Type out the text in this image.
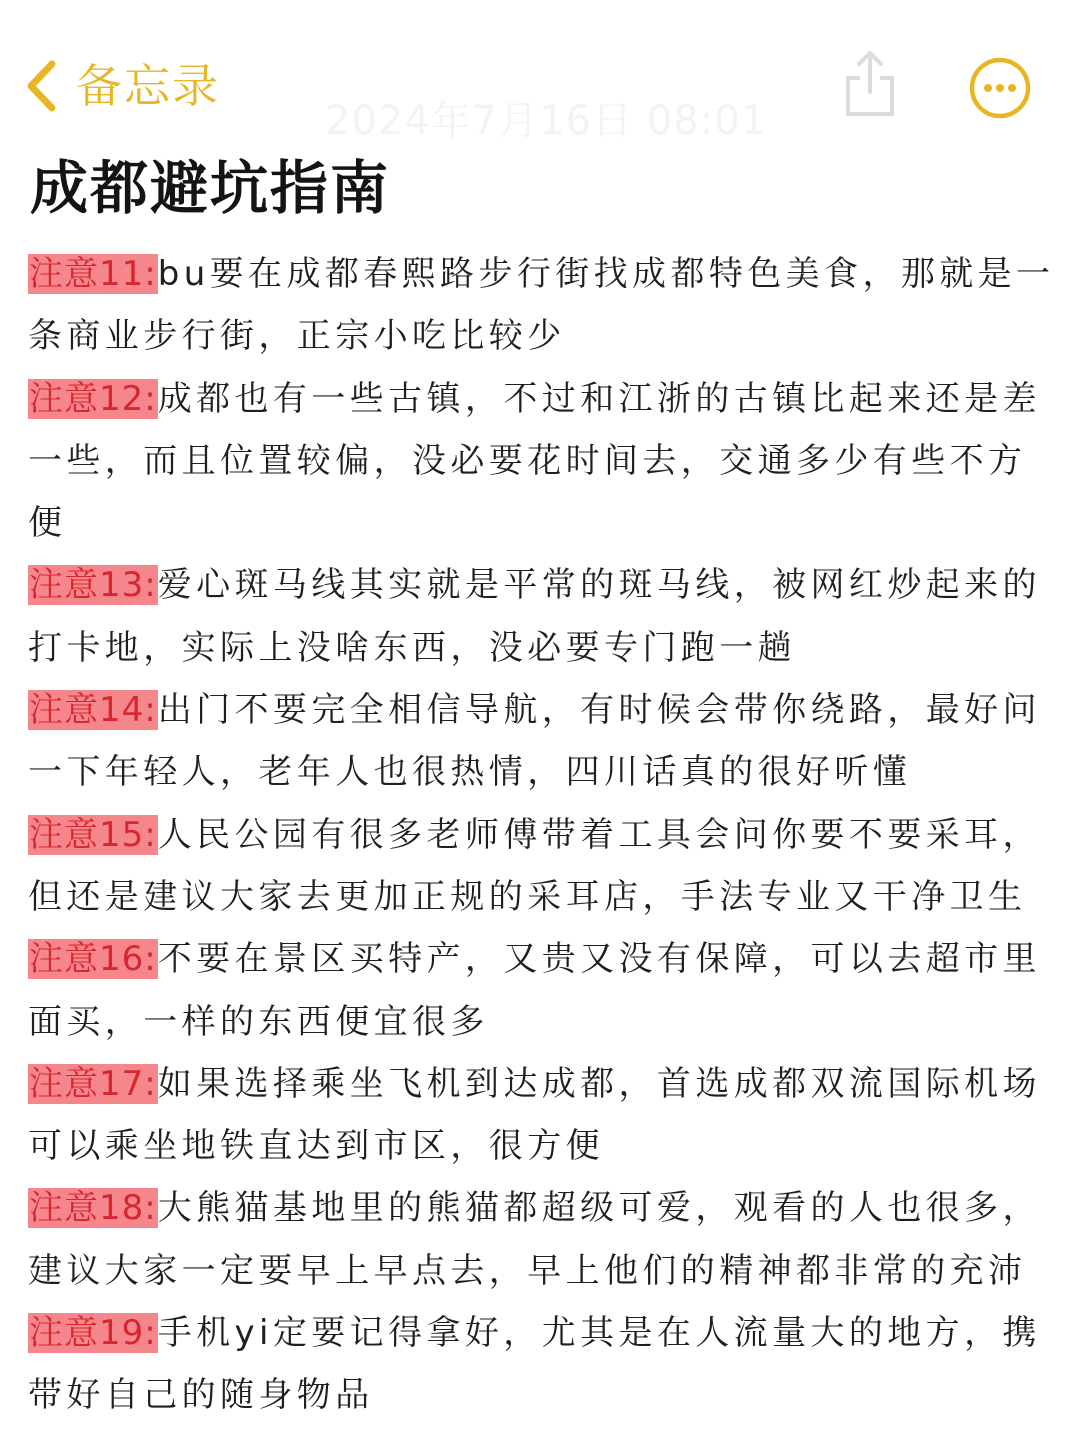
备忘录
2024年7月16日 08:01
成都避坑指南

注意11:bu要在成都春熙路步行街找成都特色美食，那就是一条商业步行街，正宗小吃比较少

注意12:成都也有一些古镇，不过和江浙的古镇比起来还是差一些，而且位置较偏，没必要花时间去，交通多少有些不方便

注意13:爱心斑马线其实就是平常的斑马线，被网红炒起来的打卡地，实际上没啥东西，没必要专门跑一趟

注意14:出门不要完全相信导航，有时候会带你绕路，最好问一下年轻人，老年人也很热情，四川话真的很好听懂

注意15:人民公园有很多老师傅带着工具会问你要不要采耳，但还是建议大家去更加正规的采耳店，手法专业又干净卫生

注意16:不要在景区买特产，又贵又没有保障，可以去超市里面买，一样的东西便宜很多

注意17:如果选择乘坐飞机到达成都，首选成都双流国际机场可以乘坐地铁直达到市区，很方便

注意18:大熊猫基地里的熊猫都超级可爱，观看的人也很多，建议大家一定要早上早点去，早上他们的精神都非常的充沛

注意19:手机yi定要记得拿好，尤其是在人流量大的地方，携带好自己的随身物品
